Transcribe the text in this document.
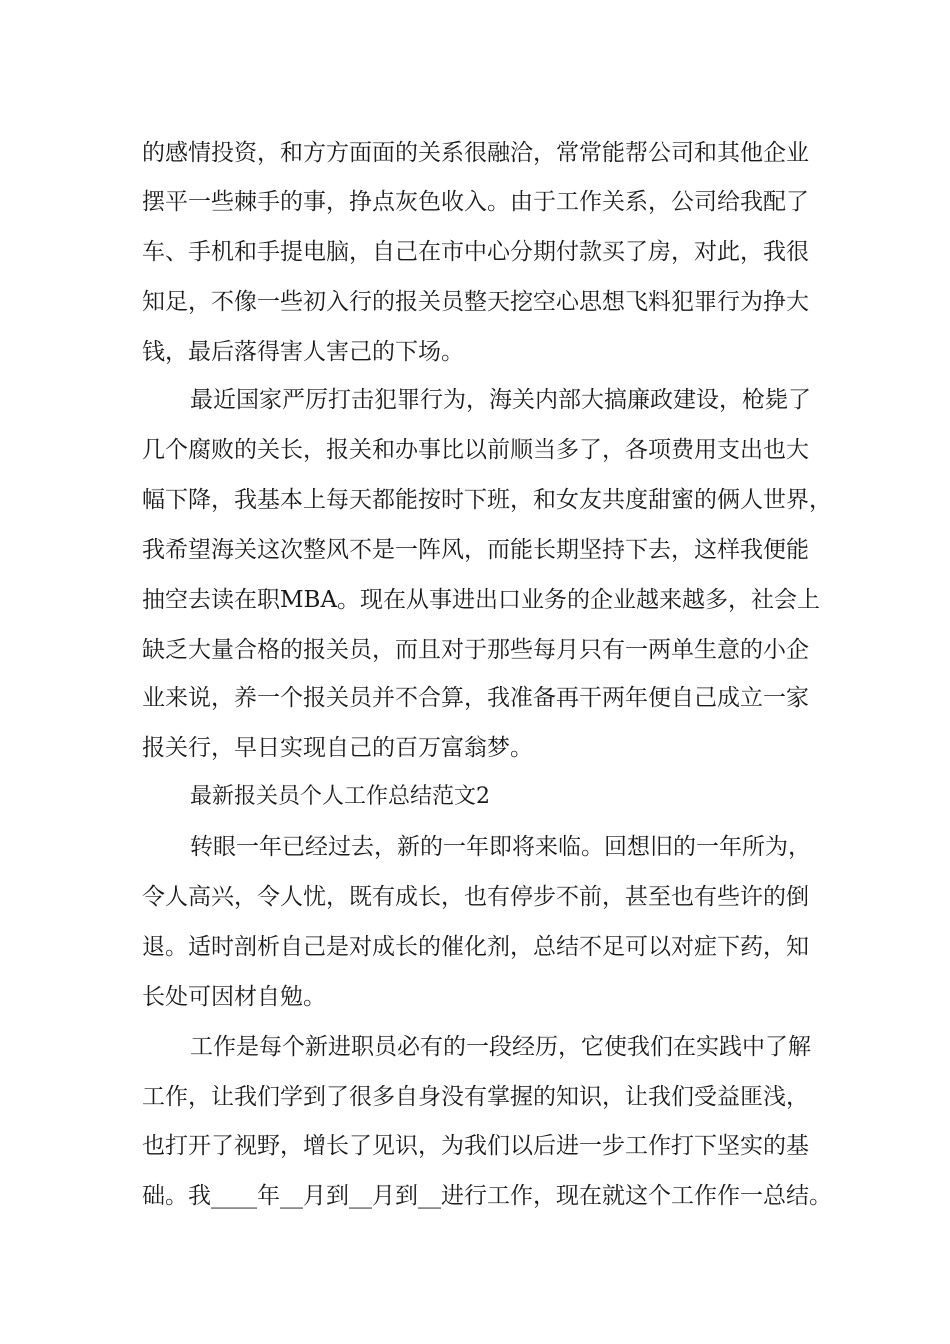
的感情投资，和方方面面的关系很融洽，常常能帮公司和其他企业
摆平一些棘手的事，挣点灰色收入。由于工作关系，公司给我配了
车、手机和手提电脑，自己在市中心分期付款买了房，对此，我很
知足，不像一些初入行的报关员整天挖空心思想飞料犯罪行为挣大
钱，最后落得害人害己的下场。
最近国家严厉打击犯罪行为，海关内部大搞廉政建设，枪毙了
几个腐败的关长，报关和办事比以前顺当多了，各项费用支出也大
幅下降，我基本上每天都能按时下班，和女友共度甜蜜的俩人世界，
我希望海关这次整风不是一阵风，而能长期坚持下去，这样我便能
抽空去读在职MBA。现在从事进出口业务的企业越来越多，社会上
缺乏大量合格的报关员，而且对于那些每月只有一两单生意的小企
业来说，养一个报关员并不合算，我准备再干两年便自己成立一家
报关行，早日实现自己的百万富翁梦。
最新报关员个人工作总结范文2
转眼一年已经过去，新的一年即将来临。回想旧的一年所为，
令人高兴，令人忧，既有成长，也有停步不前，甚至也有些许的倒
退。适时剖析自己是对成长的催化剂，总结不足可以对症下药，知
长处可因材自勉。
工作是每个新进职员必有的一段经历，它使我们在实践中了解
工作，让我们学到了很多自身没有掌握的知识，让我们受益匪浅，
也打开了视野，增长了见识，为我们以后进一步工作打下坚实的基
础。我____年__月到__月到__进行工作，现在就这个工作作一总结。
